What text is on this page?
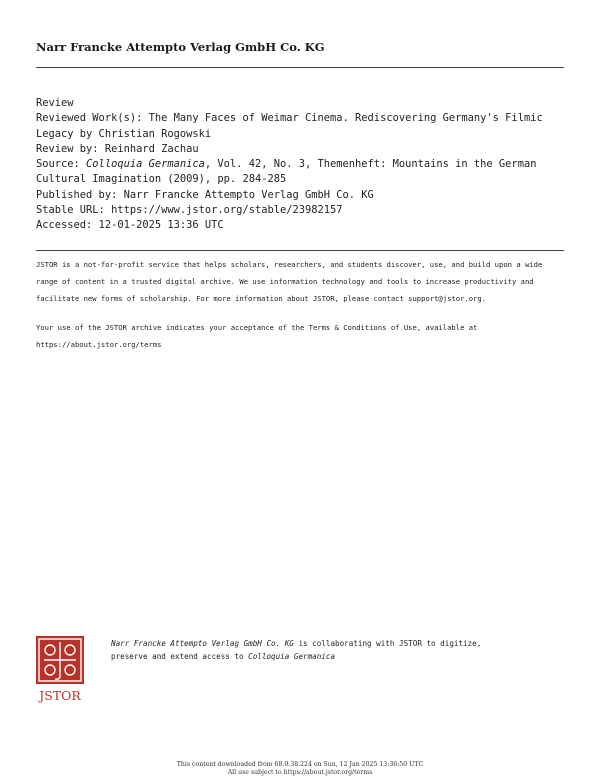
Narr Francke Attempto Verlag GmbH Co. KG
Review
Reviewed Work(s): The Many Faces of Weimar Cinema. Rediscovering Germany's Filmic
Legacy by Christian Rogowski
Review by: Reinhard Zachau
Source: Colloquia Germanica, Vol. 42, No. 3, Themenheft: Mountains in the German
Cultural Imagination (2009), pp. 284-285
Published by: Narr Francke Attempto Verlag GmbH Co. KG
Stable URL: https://www.jstor.org/stable/23982157
Accessed: 12-01-2025 13:36 UTC
JSTOR is a not-for-profit service that helps scholars, researchers, and students discover, use, and build upon a wide
range of content in a trusted digital archive. We use information technology and tools to increase productivity and
facilitate new forms of scholarship. For more information about JSTOR, please contact support@jstor.org.
Your use of the JSTOR archive indicates your acceptance of the Terms & Conditions of Use, available at
https://about.jstor.org/terms
JSTOR
Narr Francke Attempto Verlag GmbH Co. KG is collaborating with JSTOR to digitize,
preserve and extend access to Colloquia Germanica
This content downloaded from 68.9.38.224 on Sun, 12 Jan 2025 13:36:50 UTC
All use subject to https://about.jstor.org/terms
